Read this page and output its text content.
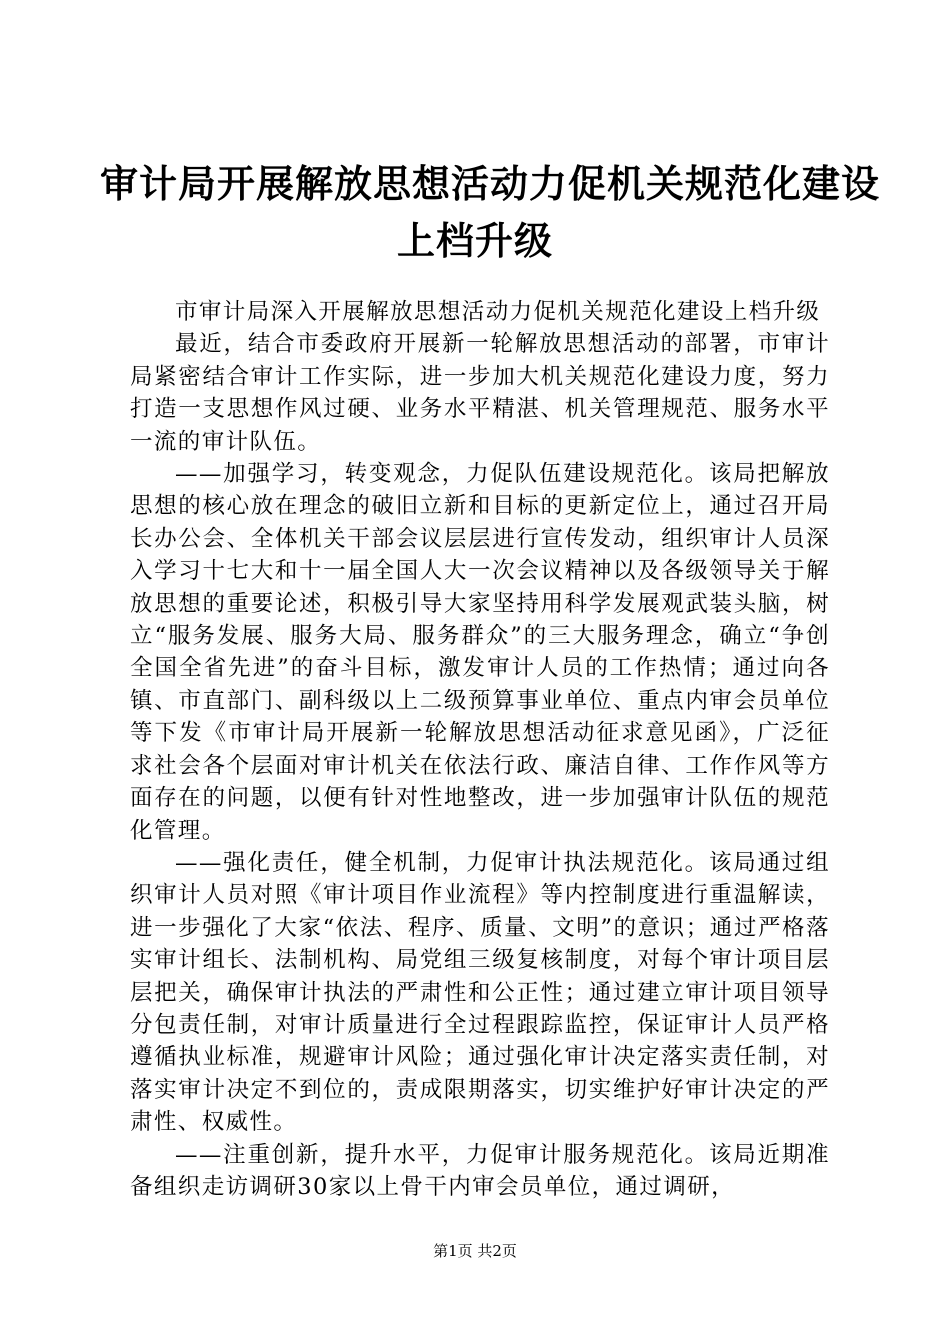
审计局开展解放思想活动力促机关规范化建设
上档升级

市审计局深入开展解放思想活动力促机关规范化建设上档升级

最近，结合市委政府开展新一轮解放思想活动的部署，市审计局紧密结合审计工作实际，进一步加大机关规范化建设力度，努力打造一支思想作风过硬、业务水平精湛、机关管理规范、服务水平一流的审计队伍。

——加强学习，转变观念，力促队伍建设规范化。该局把解放思想的核心放在理念的破旧立新和目标的更新定位上，通过召开局长办公会、全体机关干部会议层层进行宣传发动，组织审计人员深入学习十七大和十一届全国人大一次会议精神以及各级领导关于解放思想的重要论述，积极引导大家坚持用科学发展观武装头脑，树立“服务发展、服务大局、服务群众”的三大服务理念，确立“争创全国全省先进”的奋斗目标，激发审计人员的工作热情；通过向各镇、市直部门、副科级以上二级预算事业单位、重点内审会员单位等下发《市审计局开展新一轮解放思想活动征求意见函》，广泛征求社会各个层面对审计机关在依法行政、廉洁自律、工作作风等方面存在的问题，以便有针对性地整改，进一步加强审计队伍的规范化管理。

——强化责任，健全机制，力促审计执法规范化。该局通过组织审计人员对照《审计项目作业流程》等内控制度进行重温解读，进一步强化了大家“依法、程序、质量、文明”的意识；通过严格落实审计组长、法制机构、局党组三级复核制度，对每个审计项目层层把关，确保审计执法的严肃性和公正性；通过建立审计项目领导分包责任制，对审计质量进行全过程跟踪监控，保证审计人员严格遵循执业标准，规避审计风险；通过强化审计决定落实责任制，对落实审计决定不到位的，责成限期落实，切实维护好审计决定的严肃性、权威性。

——注重创新，提升水平，力促审计服务规范化。该局近期准备组织走访调研30家以上骨干内审会员单位，通过调研，

第1页 共2页
